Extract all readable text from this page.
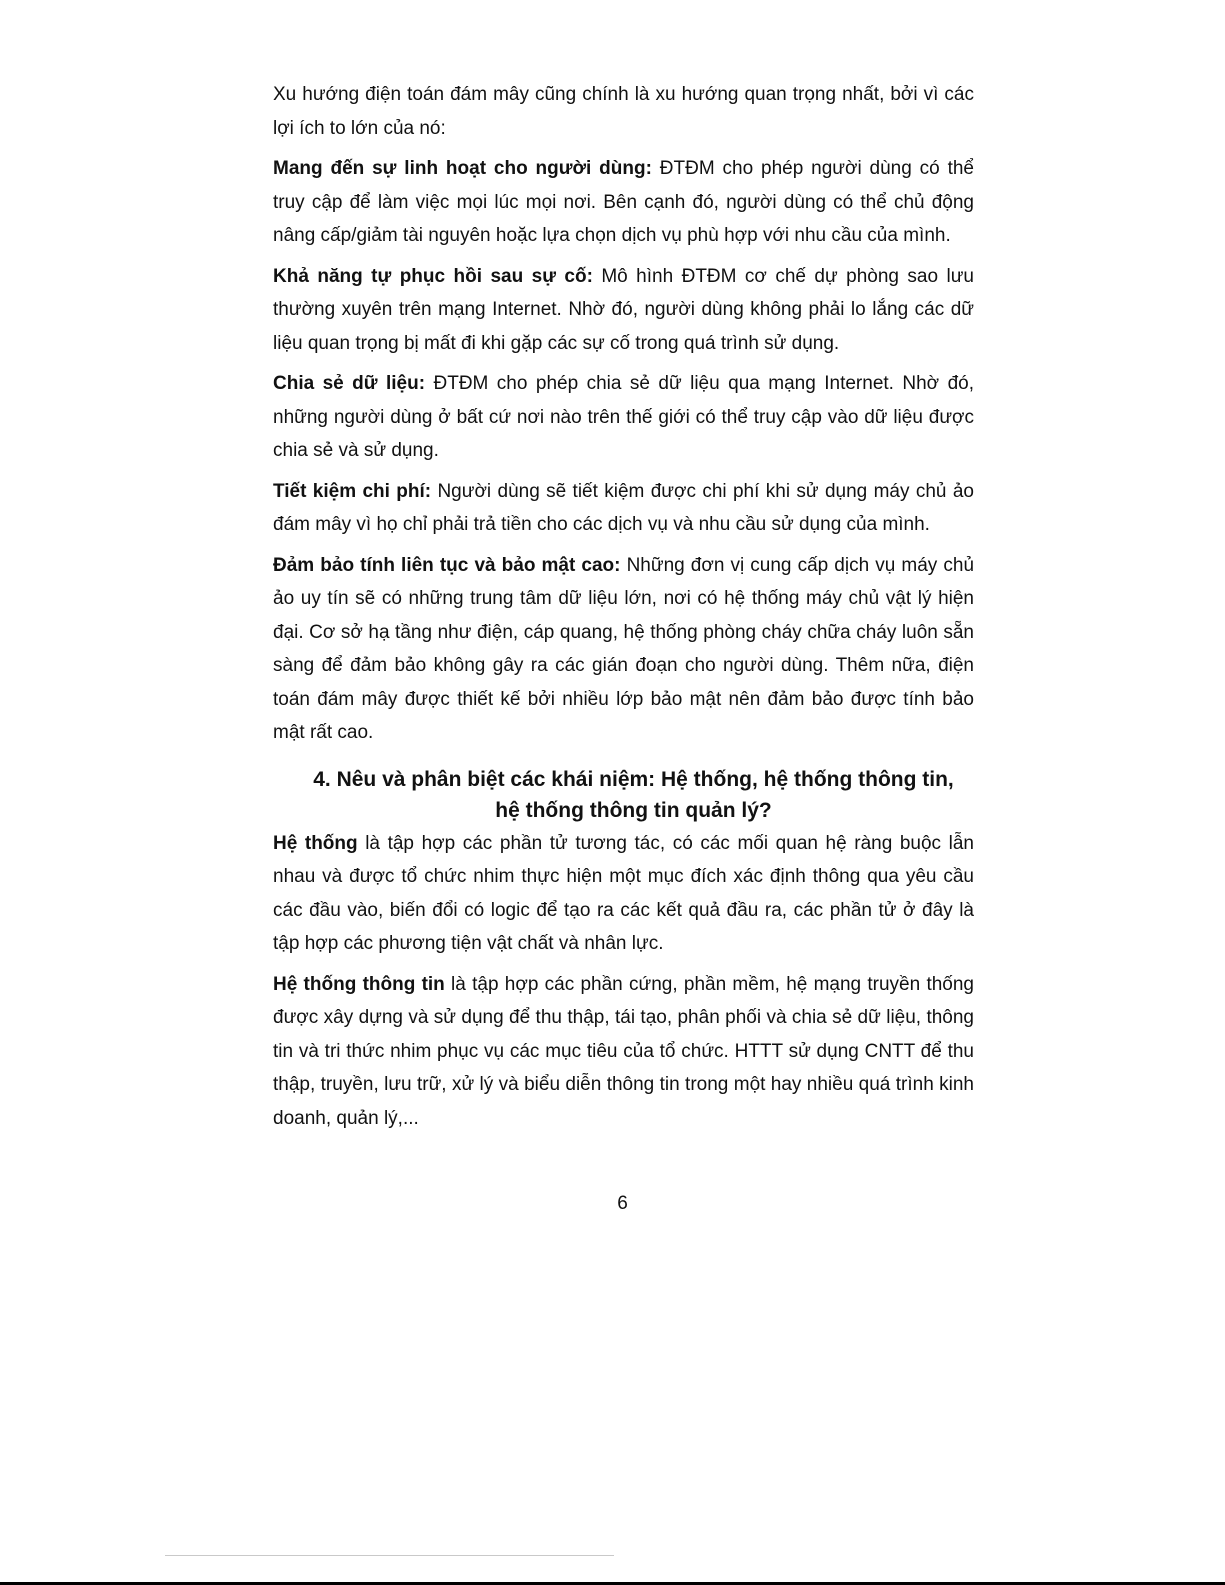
Xu hướng điện toán đám mây cũng chính là xu hướng quan trọng nhất, bởi vì các lợi ích to lớn của nó:

Mang đến sự linh hoạt cho người dùng: ĐTĐM cho phép người dùng có thể truy cập để làm việc mọi lúc mọi nơi. Bên cạnh đó, người dùng có thể chủ động nâng cấp/giảm tài nguyên hoặc lựa chọn dịch vụ phù hợp với nhu cầu của mình.

Khả năng tự phục hồi sau sự cố: Mô hình ĐTĐM cơ chế dự phòng sao lưu thường xuyên trên mạng Internet. Nhờ đó, người dùng không phải lo lắng các dữ liệu quan trọng bị mất đi khi gặp các sự cố trong quá trình sử dụng.

Chia sẻ dữ liệu: ĐTĐM cho phép chia sẻ dữ liệu qua mạng Internet. Nhờ đó, những người dùng ở bất cứ nơi nào trên thế giới có thể truy cập vào dữ liệu được chia sẻ và sử dụng.

Tiết kiệm chi phí: Người dùng sẽ tiết kiệm được chi phí khi sử dụng máy chủ ảo đám mây vì họ chỉ phải trả tiền cho các dịch vụ và nhu cầu sử dụng của mình.

Đảm bảo tính liên tục và bảo mật cao: Những đơn vị cung cấp dịch vụ máy chủ ảo uy tín sẽ có những trung tâm dữ liệu lớn, nơi có hệ thống máy chủ vật lý hiện đại. Cơ sở hạ tầng như điện, cáp quang, hệ thống phòng cháy chữa cháy luôn sẵn sàng để đảm bảo không gây ra các gián đoạn cho người dùng. Thêm nữa, điện toán đám mây được thiết kế bởi nhiều lớp bảo mật nên đảm bảo được tính bảo mật rất cao.

4. Nêu và phân biệt các khái niệm: Hệ thống, hệ thống thông tin, hệ thống thông tin quản lý?

Hệ thống là tập hợp các phần tử tương tác, có các mối quan hệ ràng buộc lẫn nhau và được tổ chức nhim thực hiện một mục đích xác định thông qua yêu cầu các đầu vào, biến đổi có logic để tạo ra các kết quả đầu ra, các phần tử ở đây là tập hợp các phương tiện vật chất và nhân lực.

Hệ thống thông tin là tập hợp các phần cứng, phần mềm, hệ mạng truyền thống được xây dựng và sử dụng để thu thập, tái tạo, phân phối và chia sẻ dữ liệu, thông tin và tri thức nhim phục vụ các mục tiêu của tổ chức. HTTT sử dụng CNTT để thu thập, truyền, lưu trữ, xử lý và biểu diễn thông tin trong một hay nhiều quá trình kinh doanh, quản lý,...

6
